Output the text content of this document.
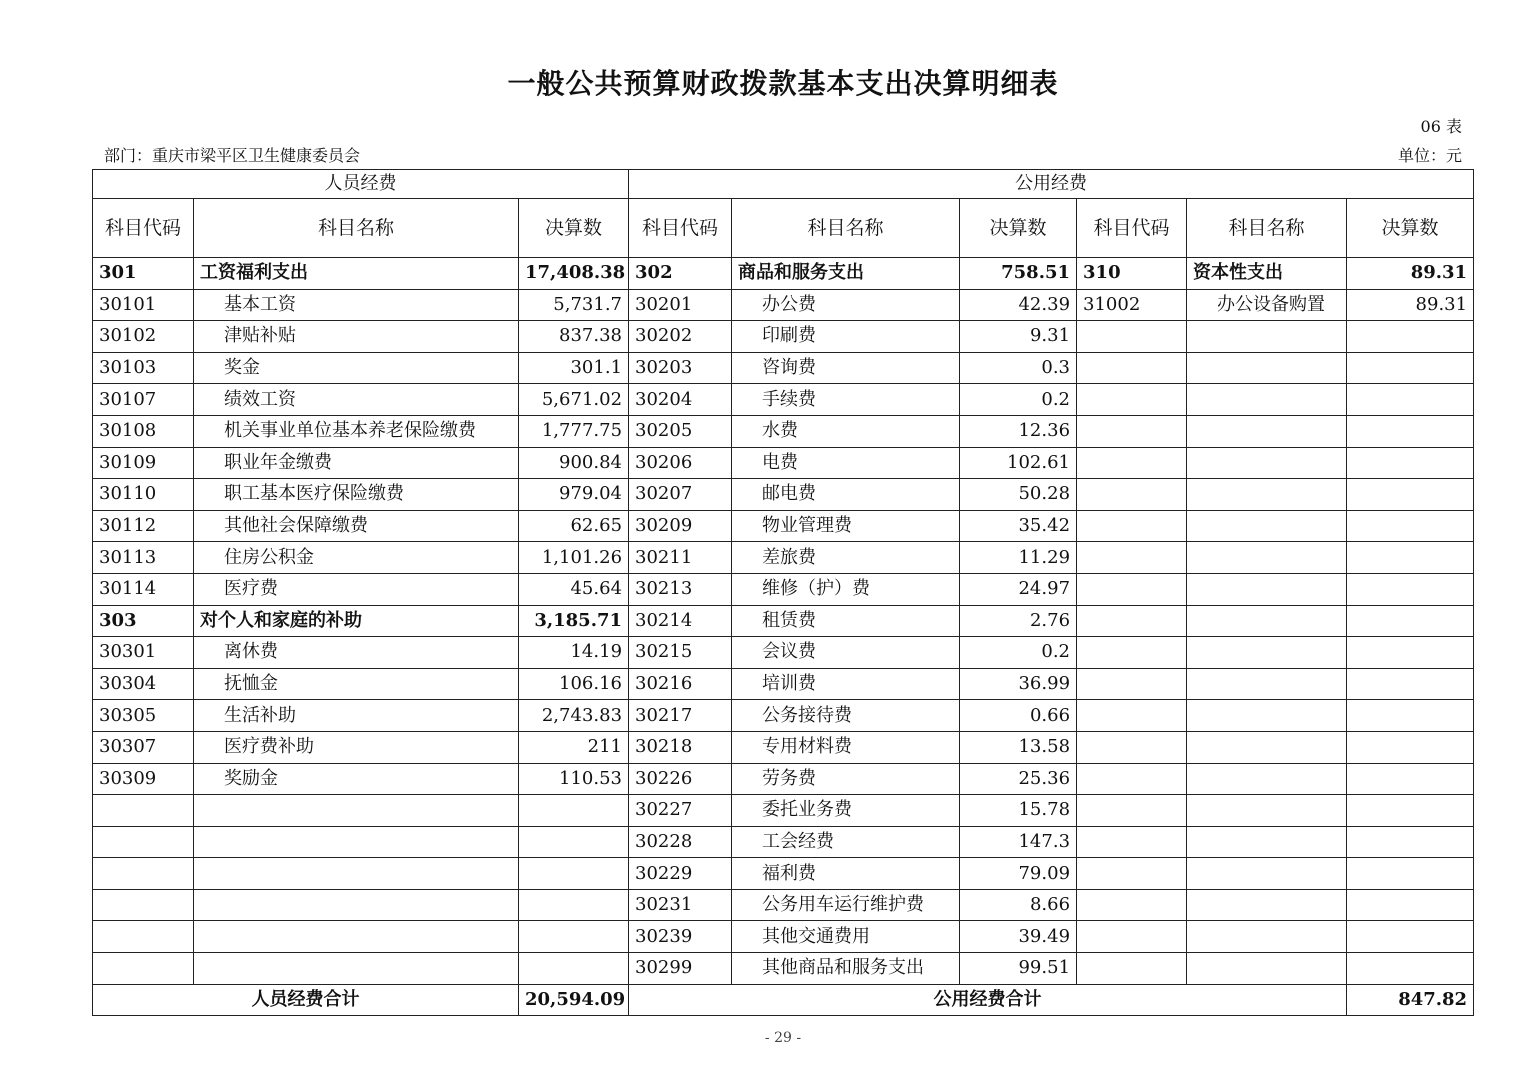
一般公共预算财政拨款基本支出决算明细表
06 表
部门：重庆市梁平区卫生健康委员会	单位：元
人员经费			公用经费					
科目代码	科目名称	决算数	科目代码	科目名称	决算数	科目代码	科目名称	决算数
301	工资福利支出	17,408.38	302	商品和服务支出	758.51	310	资本性支出	89.31
30101	基本工资	5,731.7	30201	办公费	42.39	31002	办公设备购置	89.31
30102	津贴补贴	837.38	30202	印刷费	9.31			
30103	奖金	301.1	30203	咨询费	0.3			
30107	绩效工资	5,671.02	30204	手续费	0.2			
30108	机关事业单位基本养老保险缴费	1,777.75	30205	水费	12.36			
30109	职业年金缴费	900.84	30206	电费	102.61			
30110	职工基本医疗保险缴费	979.04	30207	邮电费	50.28			
30112	其他社会保障缴费	62.65	30209	物业管理费	35.42			
30113	住房公积金	1,101.26	30211	差旅费	11.29			
30114	医疗费	45.64	30213	维修（护）费	24.97			
303	对个人和家庭的补助	3,185.71	30214	租赁费	2.76			
30301	离休费	14.19	30215	会议费	0.2			
30304	抚恤金	106.16	30216	培训费	36.99			
30305	生活补助	2,743.83	30217	公务接待费	0.66			
30307	医疗费补助	211	30218	专用材料费	13.58			
30309	奖励金	110.53	30226	劳务费	25.36			
			30227	委托业务费	15.78			
			30228	工会经费	147.3			
			30229	福利费	79.09			
			30231	公务用车运行维护费	8.66			
			30239	其他交通费用	39.49			
			30299	其他商品和服务支出	99.51			
人员经费合计		20,594.09	公用经费合计					847.82
- 29 -
